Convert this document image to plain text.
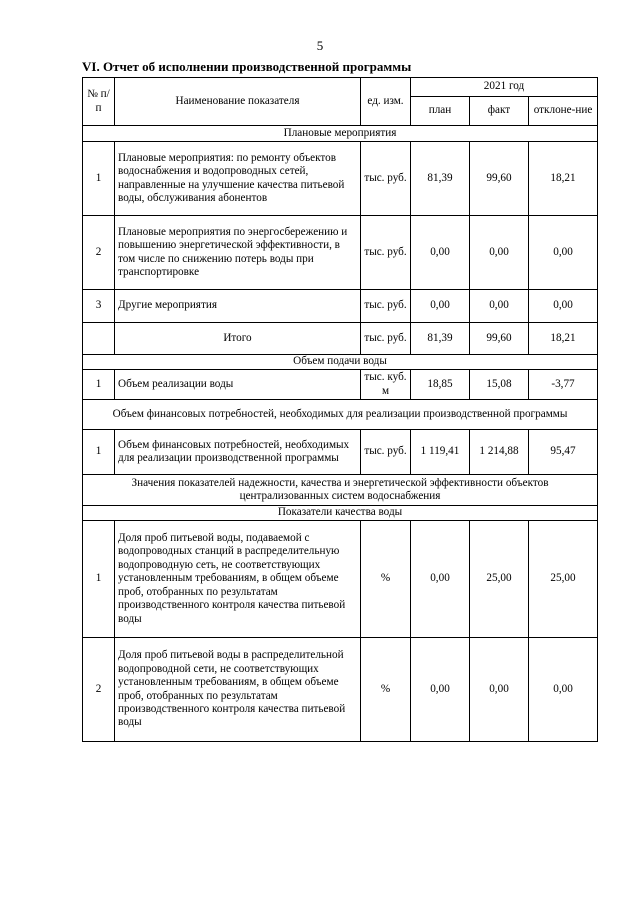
5
VI. Отчет об исполнении производственной программы
№ п/п	Наименование показателя	ед. изм.	2021 год		
			план	факт	отклоне-ние
Плановые мероприятия					
1	Плановые мероприятия: по ремонту объектов водоснабжения и водопроводных сетей, направленные на улучшение качества питьевой воды, обслуживания абонентов	тыс. руб.	81,39	99,60	18,21
2	Плановые мероприятия по энергосбережению и повышению энергетической эффективности, в том числе по снижению потерь воды при транспортировке	тыс. руб.	0,00	0,00	0,00
3	Другие мероприятия	тыс. руб.	0,00	0,00	0,00
	Итого	тыс. руб.	81,39	99,60	18,21
Объем подачи воды					
1	Объем реализации воды	тыс. куб. м	18,85	15,08	-3,77
Объем финансовых потребностей, необходимых для реализации производственной программы					
1	Объем финансовых потребностей, необходимых для реализации производственной программы	тыс. руб.	1 119,41	1 214,88	95,47
Значения показателей надежности, качества и энергетической эффективности объектов централизованных систем водоснабжения					
Показатели качества воды					
1	Доля проб питьевой воды, подаваемой с водопроводных станций в распределительную водопроводную сеть, не соответствующих установленным требованиям, в общем объеме проб, отобранных по результатам производственного контроля качества питьевой воды	%	0,00	25,00	25,00
2	Доля проб питьевой воды в распределительной водопроводной сети, не соответствующих установленным требованиям, в общем объеме проб, отобранных по результатам производственного контроля качества питьевой воды	%	0,00	0,00	0,00
